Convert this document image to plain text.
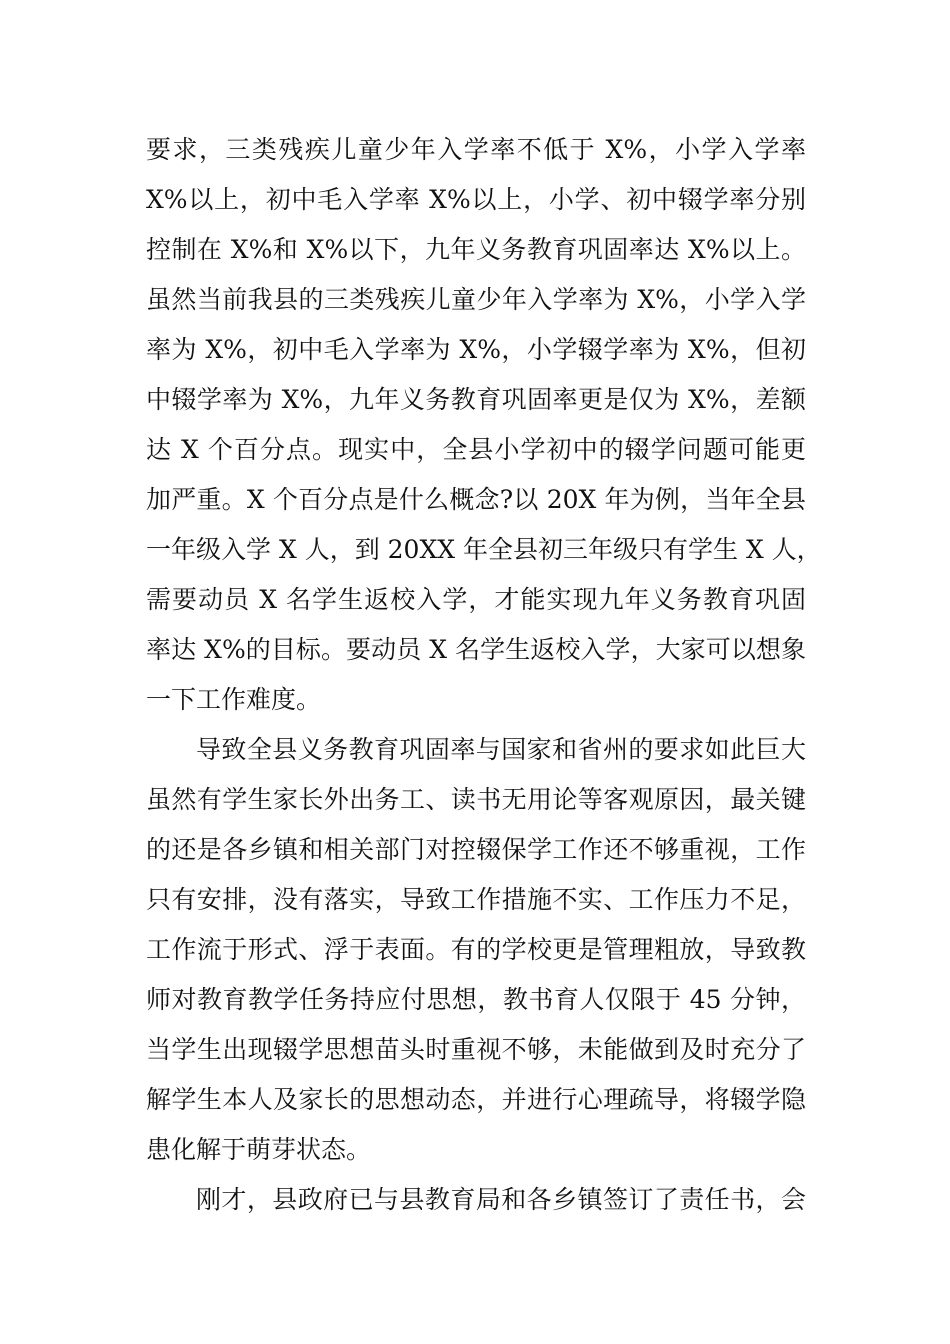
要求，三类残疾儿童少年入学率不低于 X%，小学入学率
X%以上，初中毛入学率 X%以上，小学、初中辍学率分别
控制在 X%和 X%以下，九年义务教育巩固率达 X%以上。
虽然当前我县的三类残疾儿童少年入学率为 X%，小学入学
率为 X%，初中毛入学率为 X%，小学辍学率为 X%，但初
中辍学率为 X%，九年义务教育巩固率更是仅为 X%，差额
达 X 个百分点。现实中，全县小学初中的辍学问题可能更
加严重。X 个百分点是什么概念?以 20X 年为例，当年全县
一年级入学 X 人，到 20XX 年全县初三年级只有学生 X 人，
需要动员 X 名学生返校入学，才能实现九年义务教育巩固
率达 X%的目标。要动员 X 名学生返校入学，大家可以想象
一下工作难度。
导致全县义务教育巩固率与国家和省州的要求如此巨大
虽然有学生家长外出务工、读书无用论等客观原因，最关键
的还是各乡镇和相关部门对控辍保学工作还不够重视，工作
只有安排，没有落实，导致工作措施不实、工作压力不足，
工作流于形式、浮于表面。有的学校更是管理粗放，导致教
师对教育教学任务持应付思想，教书育人仅限于 45 分钟，
当学生出现辍学思想苗头时重视不够，未能做到及时充分了
解学生本人及家长的思想动态，并进行心理疏导，将辍学隐
患化解于萌芽状态。
刚才，县政府已与县教育局和各乡镇签订了责任书，会
